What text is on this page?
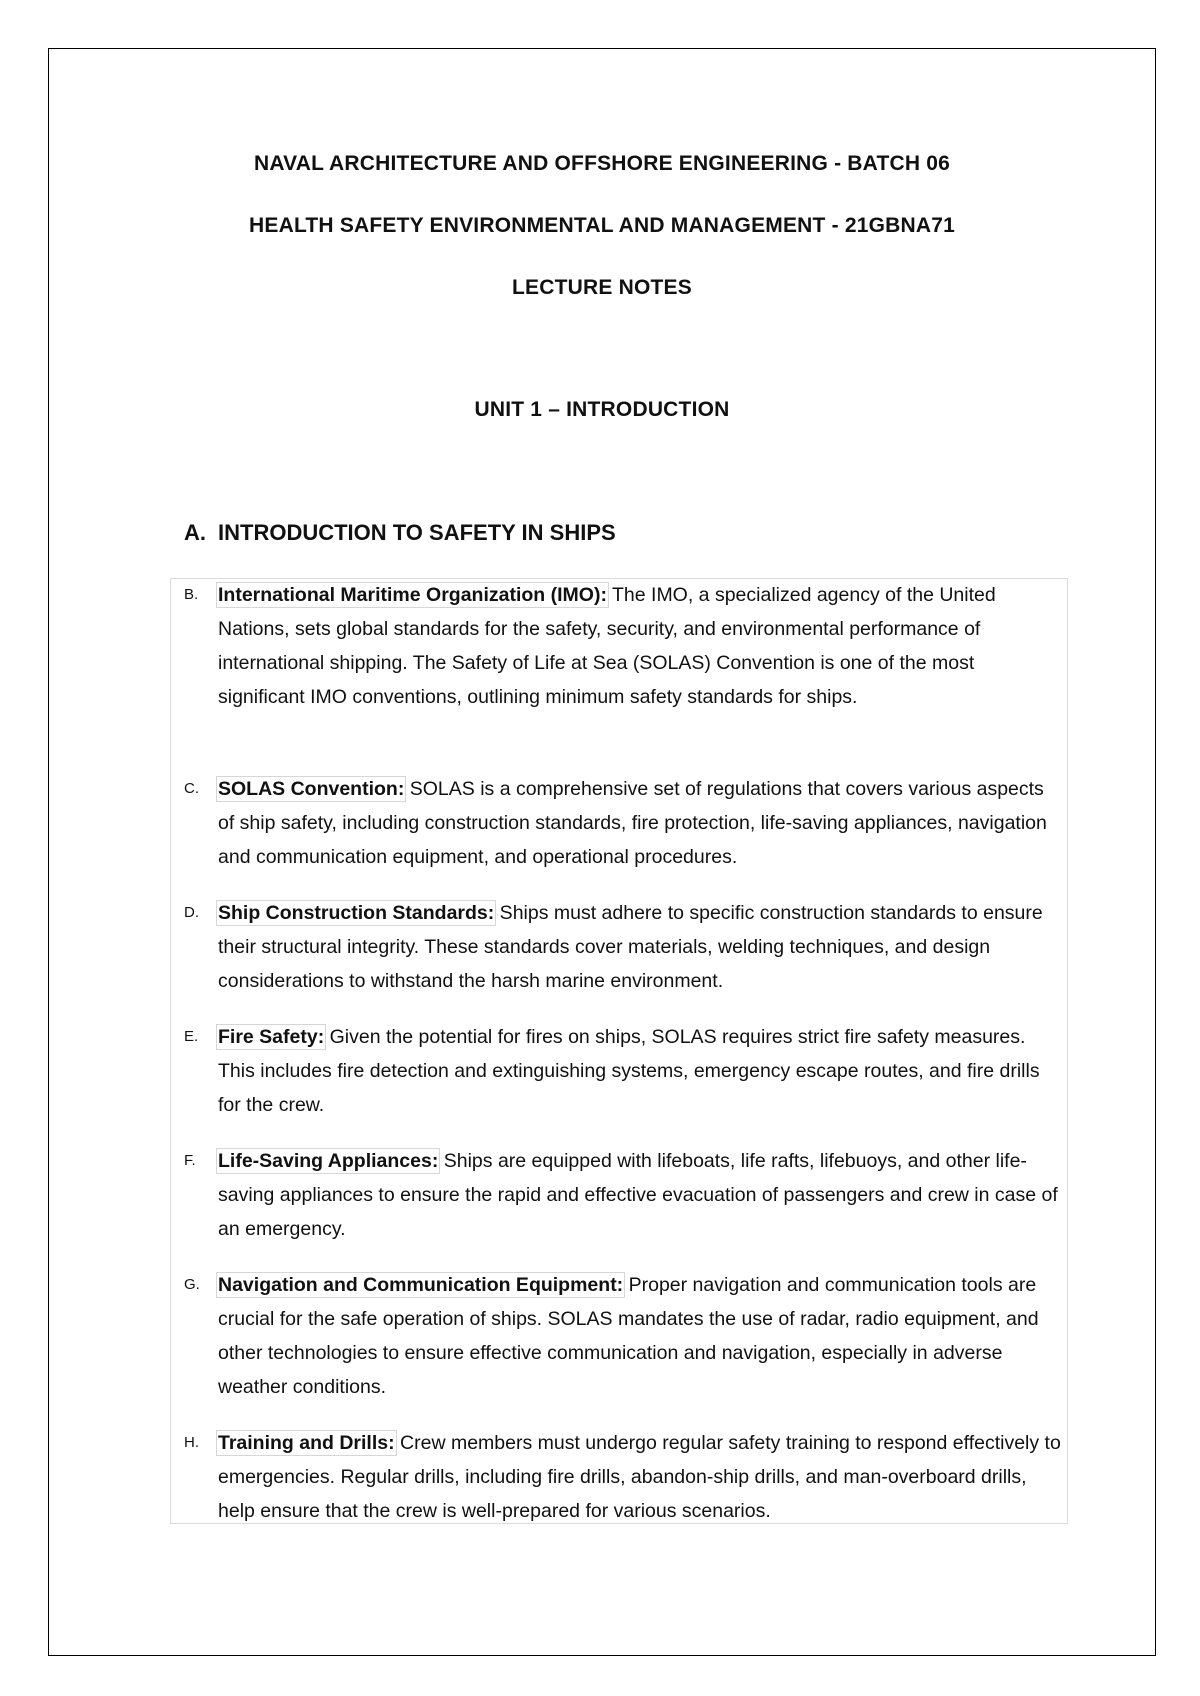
NAVAL ARCHITECTURE AND OFFSHORE ENGINEERING - BATCH 06
HEALTH SAFETY ENVIRONMENTAL AND MANAGEMENT - 21GBNA71
LECTURE NOTES
UNIT 1 – INTRODUCTION
A. INTRODUCTION TO SAFETY IN SHIPS
B.	International Maritime Organization (IMO): The IMO, a specialized agency of the United Nations, sets global standards for the safety, security, and environmental performance of international shipping. The Safety of Life at Sea (SOLAS) Convention is one of the most significant IMO conventions, outlining minimum safety standards for ships.
C. SOLAS Convention: SOLAS is a comprehensive set of regulations that covers various aspects of ship safety, including construction standards, fire protection, life-saving appliances, navigation and communication equipment, and operational procedures.
D. Ship Construction Standards: Ships must adhere to specific construction standards to ensure their structural integrity. These standards cover materials, welding techniques, and design considerations to withstand the harsh marine environment.
E.	Fire Safety: Given the potential for fires on ships, SOLAS requires strict fire safety measures. This includes fire detection and extinguishing systems, emergency escape routes, and fire drills for the crew.
F.	Life-Saving Appliances: Ships are equipped with lifeboats, life rafts, lifebuoys, and other life-saving appliances to ensure the rapid and effective evacuation of passengers and crew in case of an emergency.
G. Navigation and Communication Equipment: Proper navigation and communication tools are crucial for the safe operation of ships. SOLAS mandates the use of radar, radio equipment, and other technologies to ensure effective communication and navigation, especially in adverse weather conditions.
H. Training and Drills: Crew members must undergo regular safety training to respond effectively to emergencies. Regular drills, including fire drills, abandon-ship drills, and man-overboard drills, help ensure that the crew is well-prepared for various scenarios.
